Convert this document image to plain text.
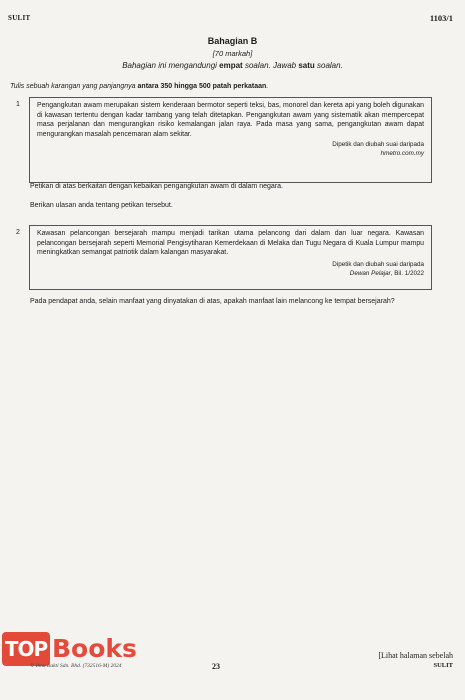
SULIT	1103/1
Bahagian B
[70 markah]
Bahagian ini mengandungi empat soalan. Jawab satu soalan.
Tulis sebuah karangan yang panjangnya antara 350 hingga 500 patah perkataan.
1 Pengangkutan awam merupakan sistem kenderaan bermotor seperti teksi, bas, monorel dan kereta api yang boleh digunakan di kawasan tertentu dengan kadar tambang yang telah ditetapkan. Pengangkutan awam yang sistematik akan mempercepat masa perjalanan dan mengurangkan risiko kemalangan jalan raya. Pada masa yang sama, pengangkutan awam dapat mengurangkan masalah pencemaran alam sekitar.
Dipetik dan diubah suai daripada
hmetro.com.my
Petikan di atas berkaitan dengan kebaikan pengangkutan awam di dalam negara.
Berikan ulasan anda tentang petikan tersebut.
2 Kawasan pelancongan bersejarah mampu menjadi tarikan utama pelancong dari dalam dan luar negara. Kawasan pelancongan bersejarah seperti Memorial Pengisytiharan Kemerdekaan di Melaka dan Tugu Negara di Kuala Lumpur mampu meningkatkan semangat patriotik dalam kalangan masyarakat.
Dipetik dan diubah suai daripada
Dewan Pelajar, Bil. 1/2022
Pada pendapat anda, selain manfaat yang dinyatakan di atas, apakah manfaat lain melancong ke tempat bersejarah?
TOP Books
© Ilmu Bakti Sdn. Bhd. (732516-M) 2024	23
[Lihat halaman sebelah
SULIT
